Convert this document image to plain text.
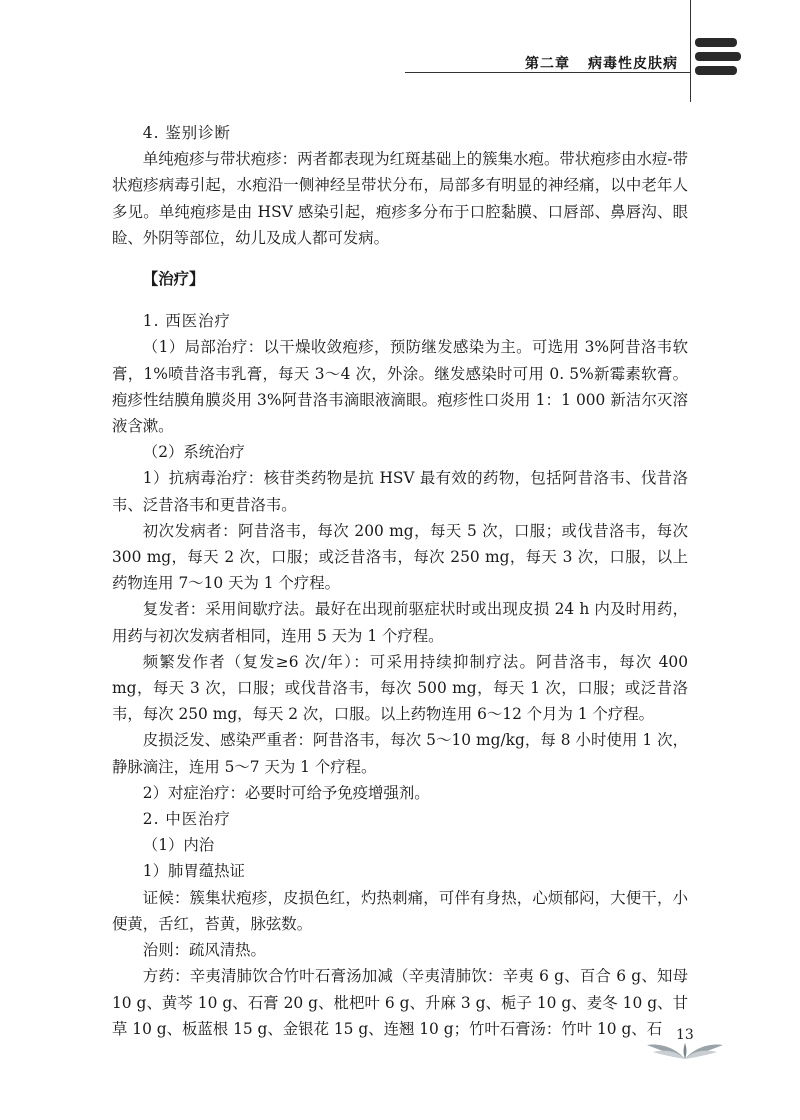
第二章 病毒性皮肤病

4. 鉴别诊断

单纯疱疹与带状疱疹：两者都表现为红斑基础上的簇集水疱。带状疱疹由水痘-带状疱疹病毒引起，水疱沿一侧神经呈带状分布，局部多有明显的神经痛，以中老年人多见。单纯疱疹是由 HSV 感染引起，疱疹多分布于口腔黏膜、口唇部、鼻唇沟、眼睑、外阴等部位，幼儿及成人都可发病。

【治疗】

1. 西医治疗

（1）局部治疗：以干燥收敛疱疹，预防继发感染为主。可选用 3%阿昔洛韦软膏，1%喷昔洛韦乳膏，每天 3～4 次，外涂。继发感染时可用 0. 5%新霉素软膏。疱疹性结膜角膜炎用 3%阿昔洛韦滴眼液滴眼。疱疹性口炎用 1：1 000 新洁尔灭溶液含漱。

（2）系统治疗

1）抗病毒治疗：核苷类药物是抗 HSV 最有效的药物，包括阿昔洛韦、伐昔洛韦、泛昔洛韦和更昔洛韦。

初次发病者：阿昔洛韦，每次 200 mg，每天 5 次，口服；或伐昔洛韦，每次 300 mg，每天 2 次，口服；或泛昔洛韦，每次 250 mg，每天 3 次，口服，以上药物连用 7～10 天为 1 个疗程。

复发者：采用间歇疗法。最好在出现前驱症状时或出现皮损 24 h 内及时用药，用药与初次发病者相同，连用 5 天为 1 个疗程。

频繁发作者（复发≥6 次/年）：可采用持续抑制疗法。阿昔洛韦，每次 400 mg，每天 3 次，口服；或伐昔洛韦，每次 500 mg，每天 1 次，口服；或泛昔洛韦，每次 250 mg，每天 2 次，口服。以上药物连用 6～12 个月为 1 个疗程。

皮损泛发、感染严重者：阿昔洛韦，每次 5～10 mg/kg，每 8 小时使用 1 次，静脉滴注，连用 5～7 天为 1 个疗程。

2）对症治疗：必要时可给予免疫增强剂。

2. 中医治疗

（1）内治

1）肺胃蕴热证

证候：簇集状疱疹，皮损色红，灼热刺痛，可伴有身热，心烦郁闷，大便干，小便黄，舌红，苔黄，脉弦数。

治则：疏风清热。

方药：辛夷清肺饮合竹叶石膏汤加减（辛夷清肺饮：辛夷 6 g、百合 6 g、知母 10 g、黄芩 10 g、石膏 20 g、枇杷叶 6 g、升麻 3 g、栀子 10 g、麦冬 10 g、甘草 10 g、板蓝根 15 g、金银花 15 g、连翘 10 g；竹叶石膏汤：竹叶 10 g、石 13
